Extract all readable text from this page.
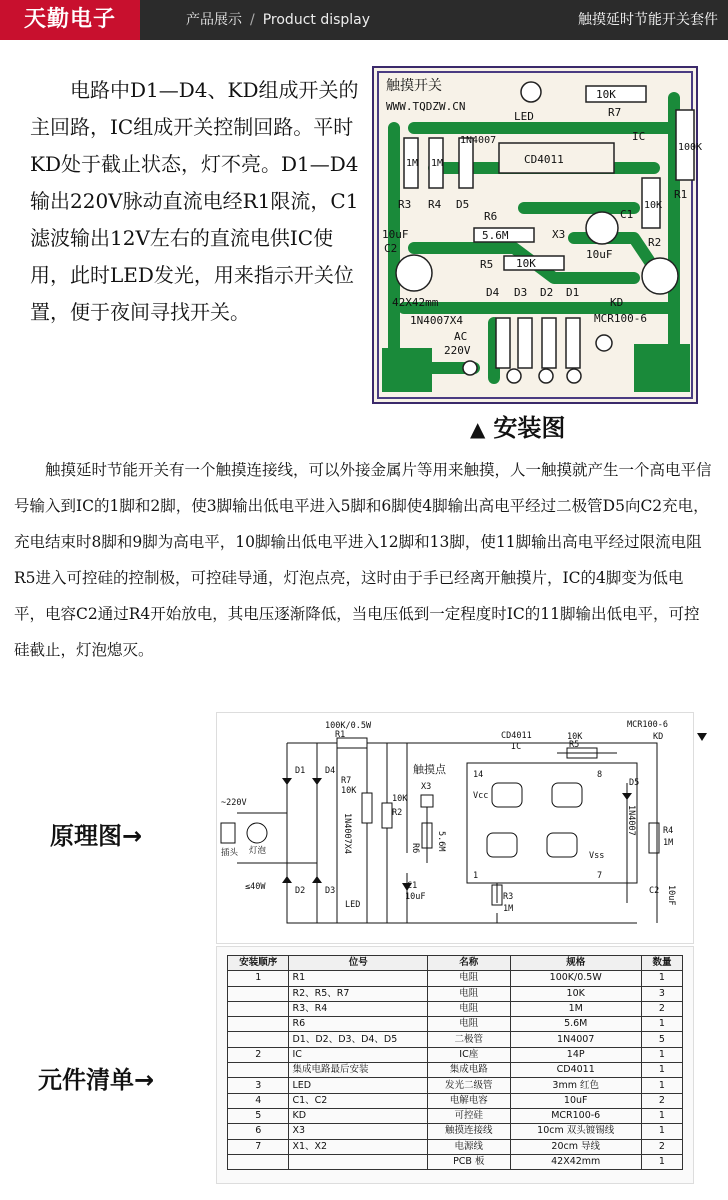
天勤电子	产品展示 / Product display	触摸延时节能开关套件

电路中D1—D4、KD组成开关的主回路，IC组成开关控制回路。平时KD处于截止状态，灯不亮。D1—D4输出220V脉动直流电经R1限流，C1滤波输出12V左右的直流电供IC使用，此时LED发光，用来指示开关位置，便于夜间寻找开关。

触摸开关
WWW.TQDZW.CN
LED
10K
R7
IC
CD4011
100K
R1
10K
R2
1M
R3
1M
R4 D5
1N4007
R6
5.6M	X3
C1
10uF
10uF
C2
R5 10K
D4 D3 D2 D1
42X42mm
1N4007X4
KD
MCR100-6
AC
220V
▲ 安装图

触摸延时节能开关有一个触摸连接线，可以外接金属片等用来触摸，人一触摸就产生一个高电平信号输入到IC的1脚和2脚，使3脚输出低电平进入5脚和6脚使4脚输出高电平经过二极管D5向C2充电，充电结束时8脚和9脚为高电平，10脚输出低电平进入12脚和13脚，使11脚输出高电平经过限流电阻R5进入可控硅的控制极，可控硅导通，灯泡点亮，这时由于手已经离开触摸片，IC的4脚变为低电平，电容C2通过R4开始放电，其电压逐渐降低，当电压低到一定程度时IC的11脚输出低电平，可控硅截止，灯泡熄灭。

原理图→
100K/0.5W
R1
D1 D4
D2 D3
R7
10K
1N4007X4
10K
R2
触摸点
X3
R6 5.6M
Vcc
Vss
CD4011
IC
10K
R5
MCR100-6
KD
D5
1N4007	R4
1M
C1
10uF
C2 10uF
R3
1M
LED
~220V
插头 灯泡
≤40W
14	8
1	7
元件清单→
安装顺序	位号	名称	规格	数量
1	R1	电阻	100K/0.5W	1
	R2、R5、R7	电阻	10K	3
	R3、R4	电阻	1M	2
	R6	电阻	5.6M	1
	D1、D2、D3、D4、D5	二极管	1N4007	5
2	IC	IC座	14P	1
	集成电路最后安装	集成电路	CD4011	1
3	LED	发光二级管	3mm 红色	1
4	C1、C2	电解电容	10uF	2
5	KD	可控硅	MCR100-6	1
6	X3	触摸连接线	10cm 双头镀锡线	1
7	X1、X2	电源线	20cm 导线	2
		PCB 板	42X42mm	1
